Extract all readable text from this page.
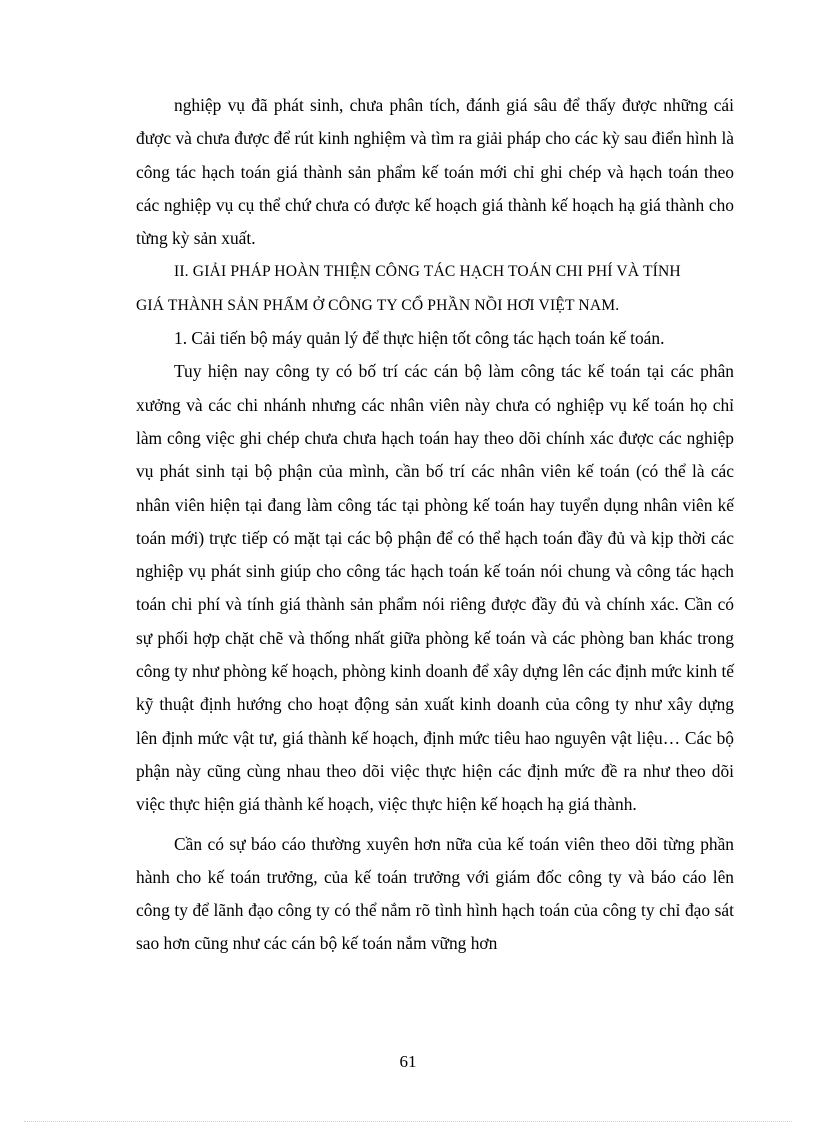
nghiệp vụ đã phát sinh, chưa phân tích, đánh giá sâu để thấy được những cái được và chưa được để rút kinh nghiệm và tìm ra giải pháp cho các kỳ sau điển hình là công tác hạch toán giá thành sản phẩm kế toán mới chỉ ghi chép và hạch toán theo các nghiệp vụ cụ thể chứ chưa có được kế hoạch giá thành kế hoạch hạ giá thành cho từng kỳ sản xuất.
II. GIẢI PHÁP HOÀN THIỆN CÔNG TÁC HẠCH TOÁN CHI PHÍ VÀ TÍNH
GIÁ THÀNH SẢN PHẨM Ở CÔNG TY CỔ PHẦN NỒI HƠI VIỆT NAM.
1. Cải tiến bộ máy quản lý để thực hiện tốt công tác hạch toán kế toán.
Tuy hiện nay công ty có bố trí các cán bộ làm công tác kế toán tại các phân xưởng và các chi nhánh nhưng các nhân viên này chưa có nghiệp vụ kế toán họ chỉ làm công việc ghi chép chưa chưa hạch toán hay theo dõi chính xác được các nghiệp vụ phát sinh tại bộ phận của mình, cần bố trí các nhân viên kế toán (có thể là các nhân viên hiện tại đang làm công tác tại phòng kế toán hay tuyển dụng nhân viên kế toán mới) trực tiếp có mặt tại các bộ phận để có thể hạch toán đầy đủ và kịp thời các nghiệp vụ phát sinh giúp cho công tác hạch toán kế toán nói chung và công tác hạch toán chi phí và tính giá thành sản phẩm nói riêng được đầy đủ và chính xác. Cần có sự phối hợp chặt chẽ và thống nhất giữa phòng kế toán và các phòng ban khác trong công ty như phòng kế hoạch, phòng kinh doanh để xây dựng lên các định mức kinh tế kỹ thuật định hướng cho hoạt động sản xuất kinh doanh của công ty như xây dựng lên định mức vật tư, giá thành kế hoạch, định mức tiêu hao nguyên vật liệu… Các bộ phận này cũng cùng nhau theo dõi việc thực hiện các định mức đề ra như theo dõi việc thực hiện giá thành kế hoạch, việc thực hiện kế hoạch hạ giá thành.
Cần có sự báo cáo thường xuyên hơn nữa của kế toán viên theo dõi từng phần hành cho kế toán trưởng, của kế toán trưởng với giám đốc công ty và báo cáo lên công ty để lãnh đạo công ty có thể nắm rõ tình hình hạch toán của công ty chỉ đạo sát sao hơn cũng như các cán bộ kế toán nắm vững hơn
61
